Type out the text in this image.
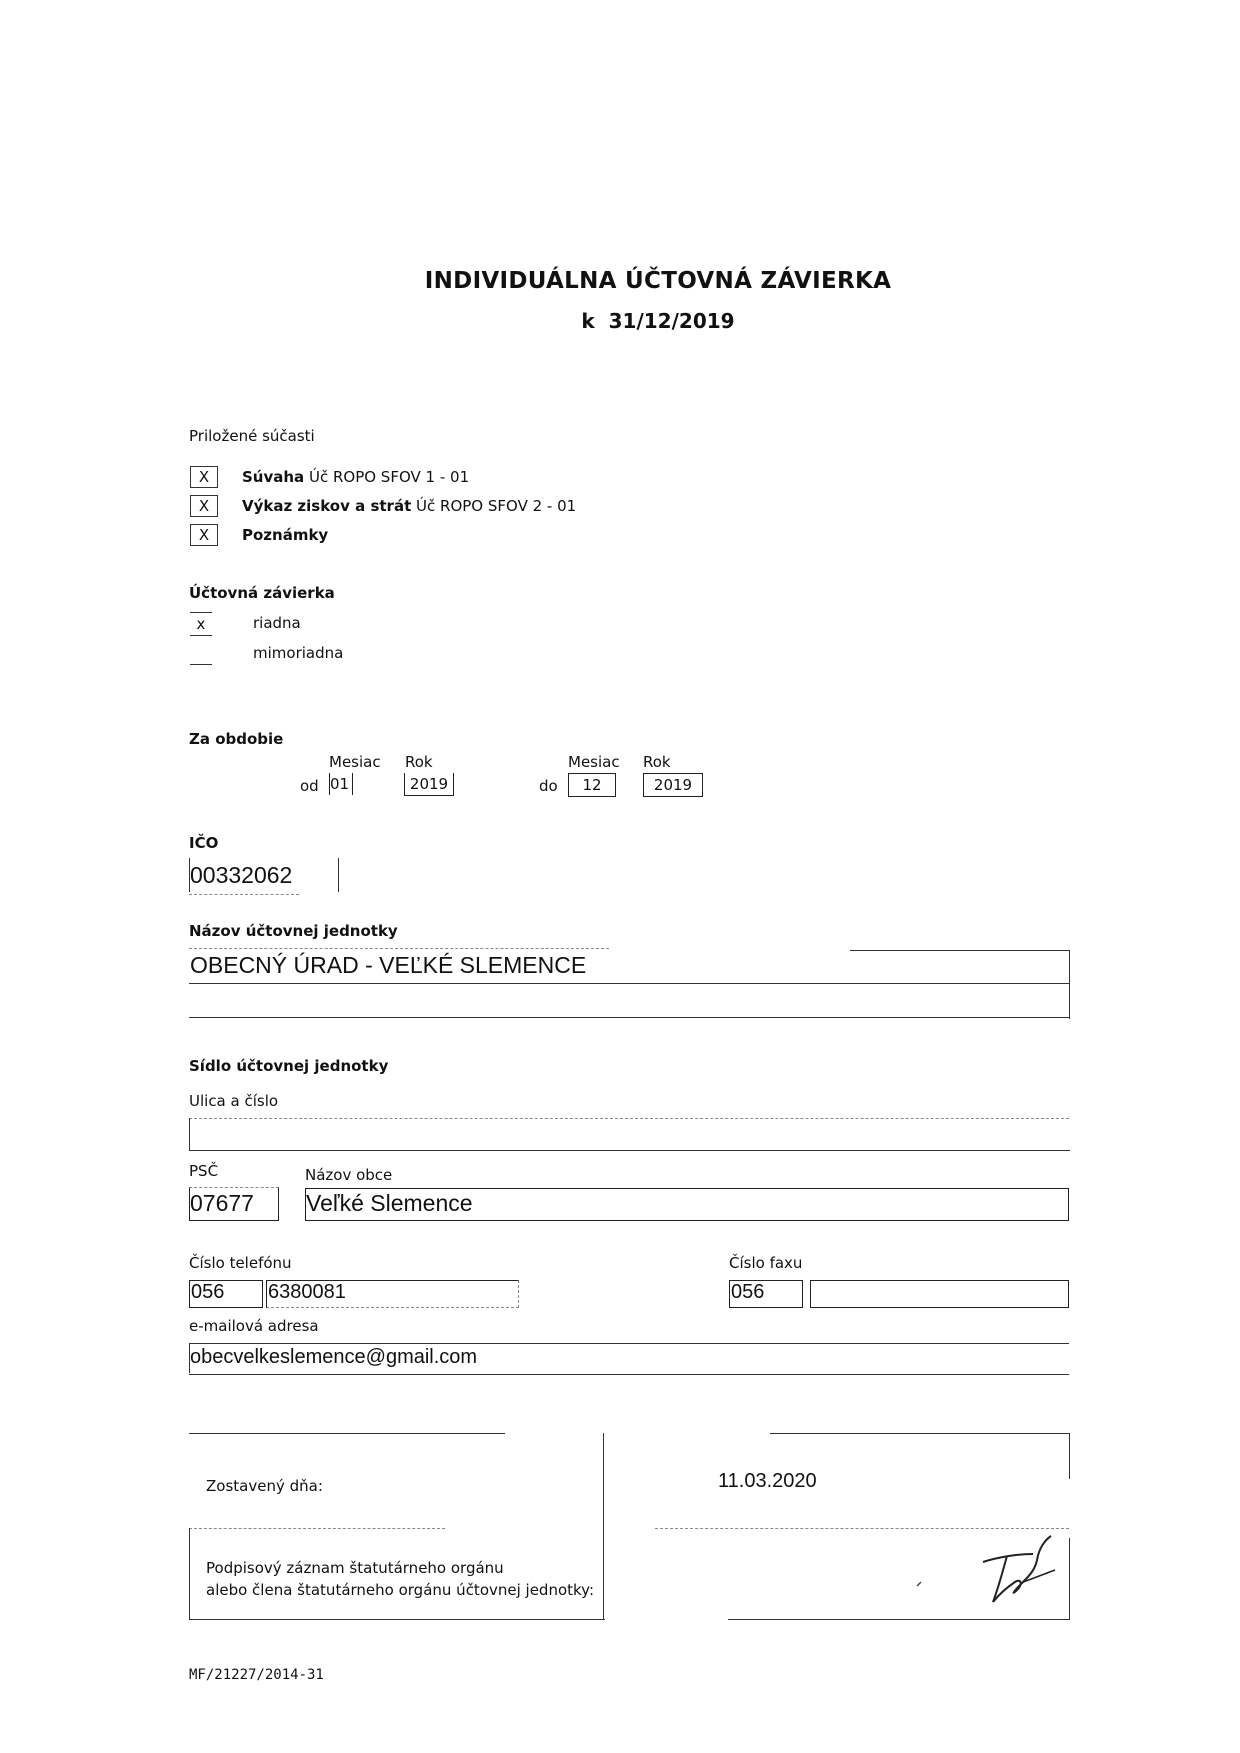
INDIVIDUÁLNA ÚČTOVNÁ ZÁVIERKA
k  31/12/2019
Priložené súčasti
X	Súvaha Úč ROPO SFOV 1 - 01
X	Výkaz ziskov a strát Úč ROPO SFOV 2 - 01
X	Poznámky
Účtovná závierka
x	riadna
mimoriadna
Za obdobie
Mesiac Rok	Mesiac Rok
od 01	2019	do	12	2019
IČO
00332062
Názov účtovnej jednotky
OBECNÝ ÚRAD - VEĽKÉ SLEMENCE
Sídlo účtovnej jednotky
Ulica a číslo
PSČ	Názov obce
07677 Veľké Slemence
Číslo telefónu	Číslo faxu
056 6380081	056
e-mailová adresa
obecvelkeslemence@gmail.com
Zostavený dňa:	11.03.2020
Podpisový záznam štatutárneho orgánu
alebo člena štatutárneho orgánu účtovnej jednotky:
MF/21227/2014-31
